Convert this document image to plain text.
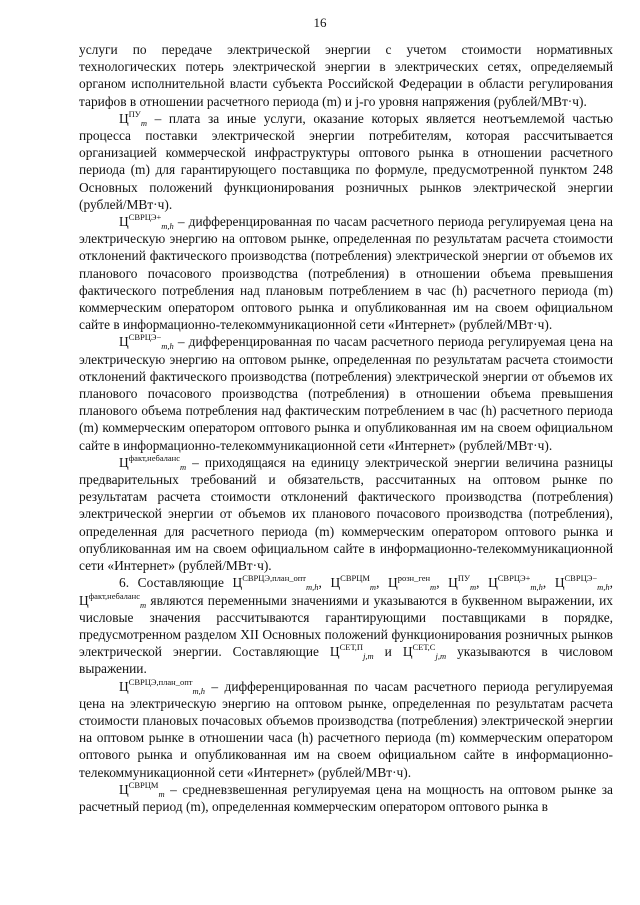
16

услуги по передаче электрической энергии с учетом стоимости нормативных технологических потерь электрической энергии в электрических сетях, определяемый органом исполнительной власти субъекта Российской Федерации в области регулирования тарифов в отношении расчетного периода (m) и j-го уровня напряжения (рублей/МВт·ч).

$Ц^{ПУ}_m$ – плата за иные услуги, оказание которых является неотъемлемой частью процесса поставки электрической энергии потребителям, которая рассчитывается организацией коммерческой инфраструктуры оптового рынка в отношении расчетного периода (m) для гарантирующего поставщика по формуле, предусмотренной пунктом 248 Основных положений функционирования розничных рынков электрической энергии (рублей/МВт·ч).

$Ц^{СВРЦЭ+}_{m,h}$ – дифференцированная по часам расчетного периода регулируемая цена на электрическую энергию на оптовом рынке, определенная по результатам расчета стоимости отклонений фактического производства (потребления) электрической энергии от объемов их планового почасового производства (потребления) в отношении объема превышения фактического потребления над плановым потреблением в час (h) расчетного периода (m) коммерческим оператором оптового рынка и опубликованная им на своем официальном сайте в информационно-телекоммуникационной сети «Интернет» (рублей/МВт·ч).

$Ц^{СВРЦЭ-}_{m,h}$ – дифференцированная по часам расчетного периода регулируемая цена на электрическую энергию на оптовом рынке, определенная по результатам расчета стоимости отклонений фактического производства (потребления) электрической энергии от объемов их планового почасового производства (потребления) в отношении объема превышения планового объема потребления над фактическим потреблением в час (h) расчетного периода (m) коммерческим оператором оптового рынка и опубликованная им на своем официальном сайте в информационно-телекоммуникационной сети «Интернет» (рублей/МВт·ч).

$Ц^{факт,небаланс}_m$ – приходящаяся на единицу электрической энергии величина разницы предварительных требований и обязательств, рассчитанных на оптовом рынке по результатам расчета стоимости отклонений фактического производства (потребления) электрической энергии от объемов их планового почасового производства (потребления), определенная для расчетного периода (m) коммерческим оператором оптового рынка и опубликованная им на своем официальном сайте в информационно-телекоммуникационной сети «Интернет» (рублей/МВт·ч).

6. Составляющие $Ц^{СВРЦЭ,план\_опт}_{m,h}$, $Ц^{СВРЦМ}_m$, $Ц^{розн\_ген}_m$, $Ц^{ПУ}_m$, $Ц^{СВРЦЭ+}_{m,h}$, $Ц^{СВРЦЭ-}_{m,h}$, $Ц^{факт,небаланс}_m$ являются переменными значениями и указываются в буквенном выражении, их числовые значения рассчитываются гарантирующими поставщиками в порядке, предусмотренном разделом XII Основных положений функционирования розничных рынков электрической энергии. Составляющие $Ц^{СЕТ,П}_{j,m}$ и $Ц^{СЕТ,С}_{j,m}$ указываются в числовом выражении.

$Ц^{СВРЦЭ,план\_опт}_{m,h}$ – дифференцированная по часам расчетного периода регулируемая цена на электрическую энергию на оптовом рынке, определенная по результатам расчета стоимости плановых почасовых объемов производства (потребления) электрической энергии на оптовом рынке в отношении часа (h) расчетного периода (m) коммерческим оператором оптового рынка и опубликованная им на своем официальном сайте в информационно-телекоммуникационной сети «Интернет» (рублей/МВт·ч).

$Ц^{СВРЦМ}_m$ – средневзвешенная регулируемая цена на мощность на оптовом рынке за расчетный период (m), определенная коммерческим оператором оптового рынка в
